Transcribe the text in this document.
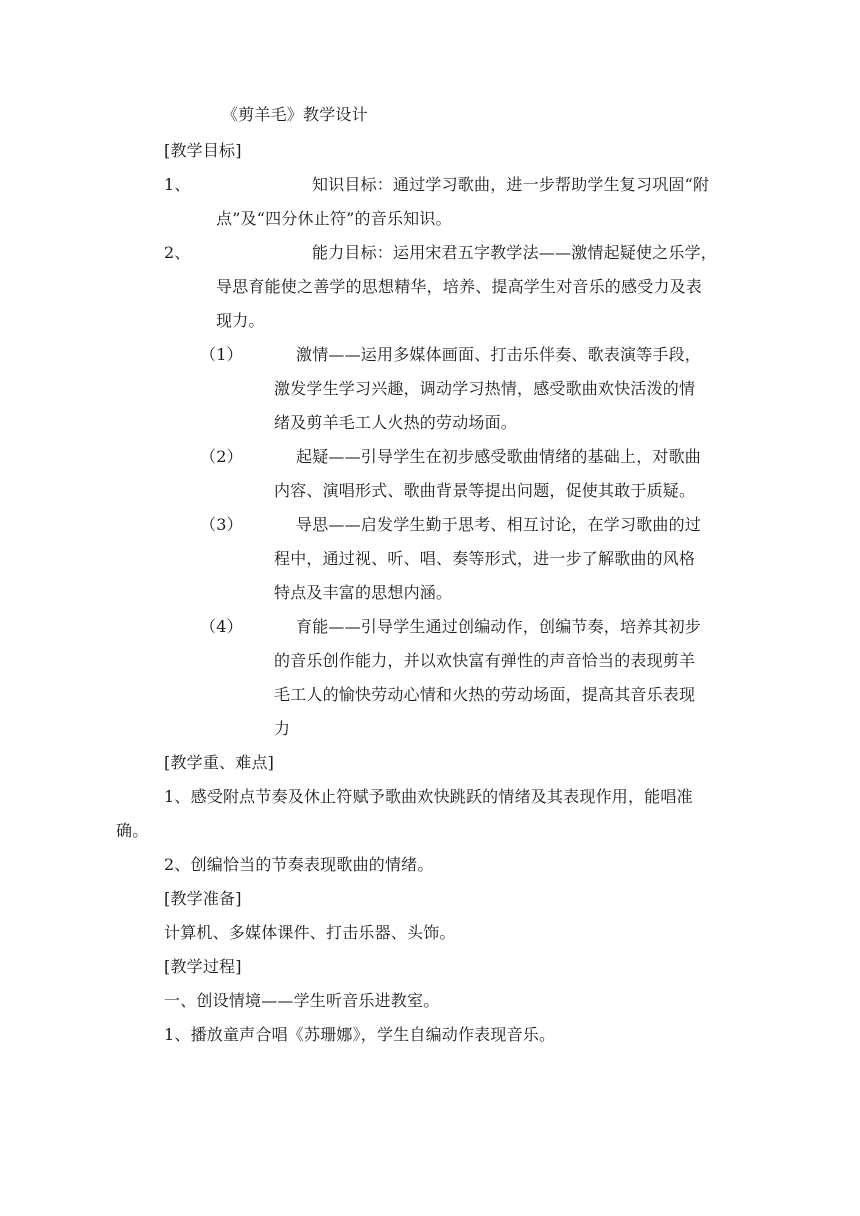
《剪羊毛》教学设计
[教学目标]
1、	知识目标：通过学习歌曲，进一步帮助学生复习巩固“附
点”及“四分休止符”的音乐知识。
2、	能力目标：运用宋君五字教学法——激情起疑使之乐学，
导思育能使之善学的思想精华，培养、提高学生对音乐的感受力及表
现力。
（1）	激情——运用多媒体画面、打击乐伴奏、歌表演等手段，
激发学生学习兴趣，调动学习热情，感受歌曲欢快活泼的情
绪及剪羊毛工人火热的劳动场面。
（2）	起疑——引导学生在初步感受歌曲情绪的基础上，对歌曲
内容、演唱形式、歌曲背景等提出问题，促使其敢于质疑。
（3）	导思——启发学生勤于思考、相互讨论，在学习歌曲的过
程中，通过视、听、唱、奏等形式，进一步了解歌曲的风格
特点及丰富的思想内涵。
（4）	育能——引导学生通过创编动作，创编节奏，培养其初步
的音乐创作能力，并以欢快富有弹性的声音恰当的表现剪羊
毛工人的愉快劳动心情和火热的劳动场面，提高其音乐表现
力
[教学重、难点]
1、感受附点节奏及休止符赋予歌曲欢快跳跃的情绪及其表现作用，能唱准
确。
2、创编恰当的节奏表现歌曲的情绪。
[教学准备]
计算机、多媒体课件、打击乐器、头饰。
[教学过程]
一、创设情境——学生听音乐进教室。
1、播放童声合唱《苏珊娜》，学生自编动作表现音乐。
